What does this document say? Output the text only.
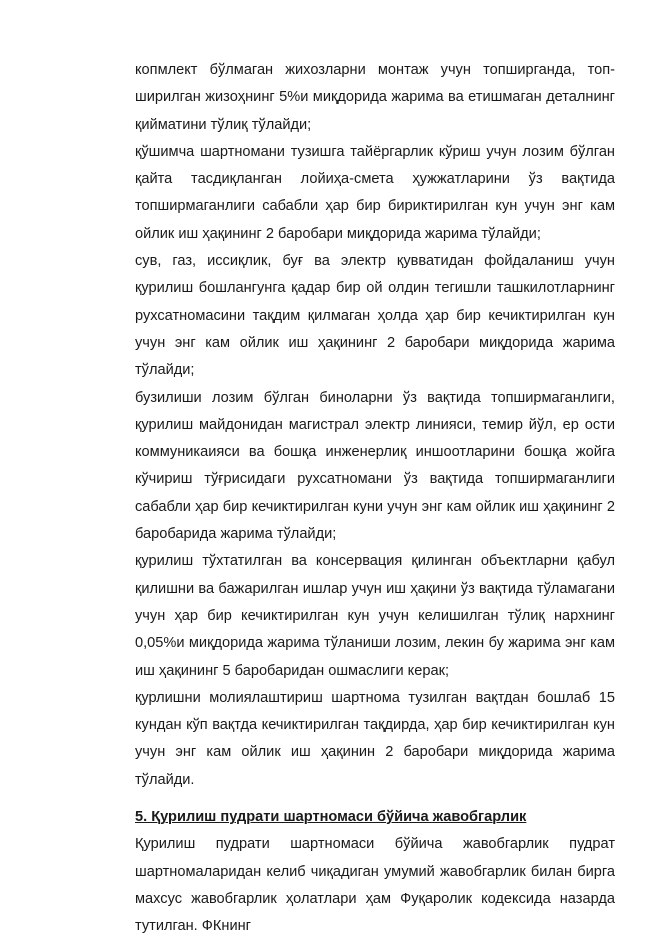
копмлект бўлмаган жихозларни монтаж учун топширганда, топ-ширилган жизоҳнинг 5%и миқдорида жарима ва етишмаган деталнинг қийматини тўлиқ тўлайди;

қўшимча шартномани тузишга тайёргарлик кўриш учун лозим бўлган қайта тасдиқланган лойиҳа-смета ҳужжатларини ўз вақтида топширмаганлиги сабабли ҳар бир бириктирилган кун учун энг кам ойлик иш ҳақининг 2 баробари миқдорида жарима тўлайди;

сув, газ, иссиқлик, буғ ва электр қувватидан фойдаланиш учун қурилиш бошлангунга қадар бир ой олдин тегишли ташкилотларнинг рухсатномасини тақдим қилмаган ҳолда ҳар бир кечиктирилган кун учун энг кам ойлик иш ҳақининг 2 баробари миқдорида жарима тўлайди;

бузилиши лозим бўлган биноларни ўз вақтида топширмаганлиги, қурилиш майдонидан магистрал электр линияси, темир йўл, ер ости коммуникаияси ва бошқа инженерлиқ иншоотларини бошқа жойга кўчириш тўғрисидаги рухсатномани ўз вақтида топширмаганлиги сабабли ҳар бир кечиктирилган куни учун энг кам ойлик иш ҳақининг 2 баробарида жарима тўлайди;

қурилиш тўхтатилган ва консервация қилинган объектларни қабул қилишни ва бажарилган ишлар учун иш ҳақини ўз вақтида тўламагани учун ҳар бир кечиктирилган кун учун келишилган тўлиқ нархнинг 0,05%и миқдорида жарима тўланиши лозим, лекин бу жарима энг кам иш ҳақининг 5 баробаридан ошмаслиги керак;

қурлишни молиялаштириш шартнома тузилган вақтдан бошлаб 15 кундан кўп вақтда кечиктирилган тақдирда, ҳар бир кечиктирилган кун учун энг кам ойлик иш ҳақинин 2 баробари миқдорида жарима тўлайди.

5. Қурилиш пудрати шартномаси бўйича жавобгарлик

Қурилиш пудрати шартномаси бўйича жавобгарлик пудрат шартномаларидан келиб чиқадиган умумий жавобгарлик билан бирга махсус жавобгарлик ҳолатлари ҳам Фуқаролик кодексида назарда тутилган. ФКнинг
